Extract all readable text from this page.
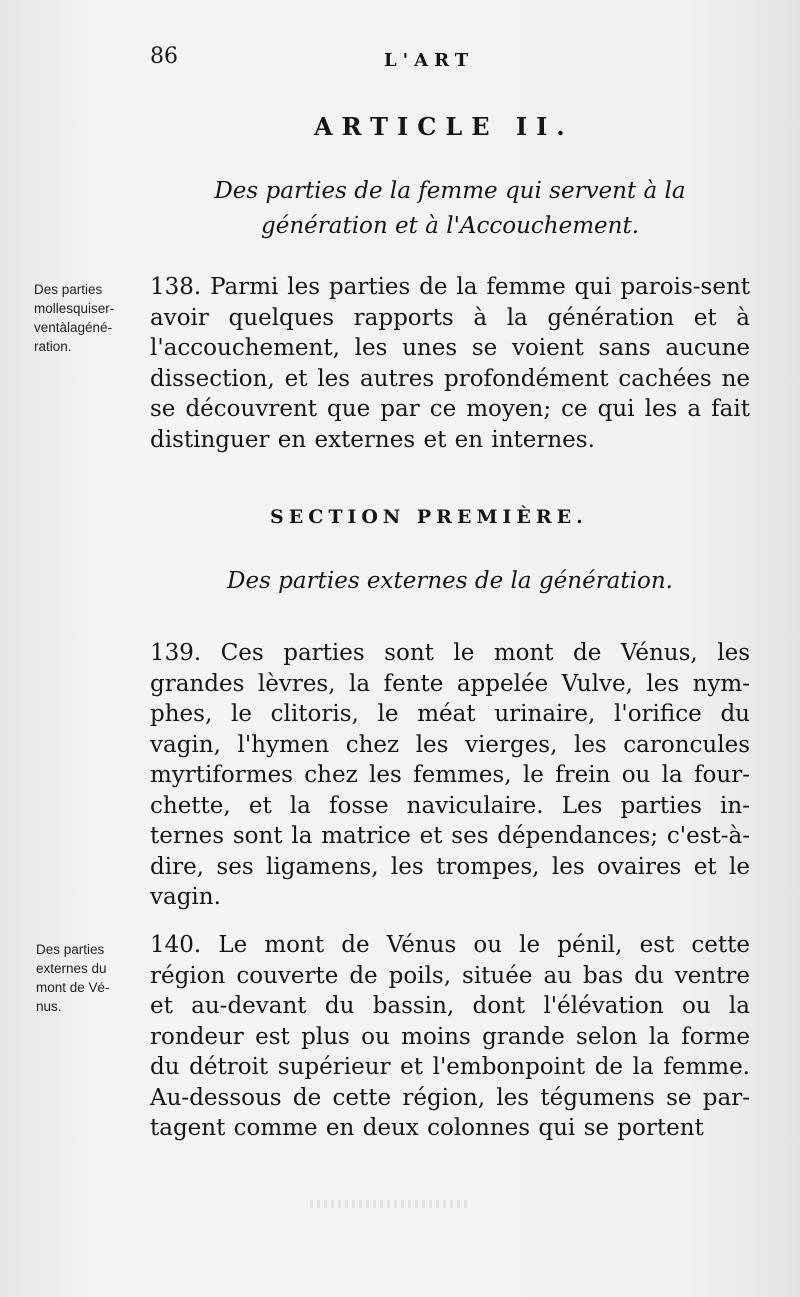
86	L'ART
ARTICLE II.
Des parties de la femme qui servent à la génération et à l'Accouchement.
Des parties
mollesquiser-
ventàlagéné-
ration.
138. Parmi les parties de la femme qui parois-sent avoir quelques rapports à la génération et à l'accouchement, les unes se voient sans aucune dissection, et les autres profondément cachées ne se découvrent que par ce moyen; ce qui les a fait distinguer en externes et en internes.
SECTION PREMIÈRE.
Des parties externes de la génération.
139. Ces parties sont le mont de Vénus, les grandes lèvres, la fente appelée Vulve, les nym-phes, le clitoris, le méat urinaire, l'orifice du vagin, l'hymen chez les vierges, les caroncules myrtiformes chez les femmes, le frein ou la four-chette, et la fosse naviculaire. Les parties in-ternes sont la matrice et ses dépendances; c'est-à-dire, ses ligamens, les trompes, les ovaires et le vagin.
Des parties
externes du
mont de Vé-
nus.
140. Le mont de Vénus ou le pénil, est cette région couverte de poils, située au bas du ventre et au-devant du bassin, dont l'élévation ou la rondeur est plus ou moins grande selon la forme du détroit supérieur et l'embonpoint de la femme. Au-dessous de cette région, les tégumens se par-tagent comme en deux colonnes qui se portent
